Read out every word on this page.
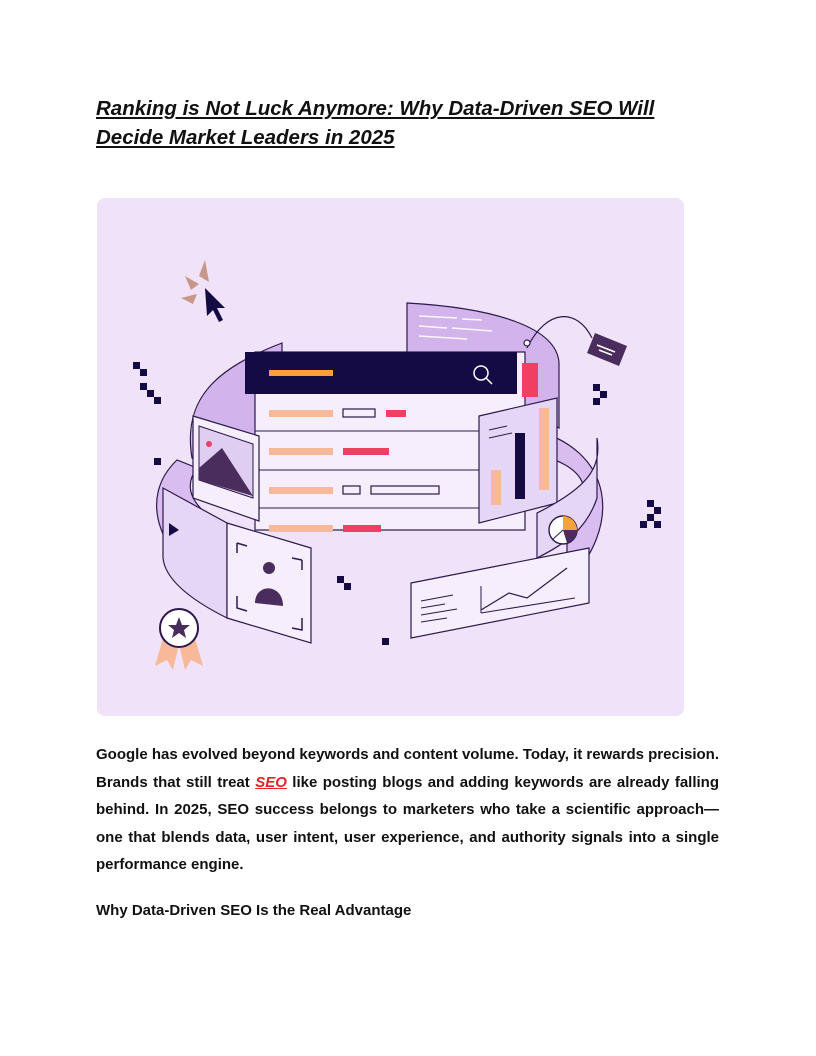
Ranking is Not Luck Anymore: Why Data-Driven SEO Will
Decide Market Leaders in 2025

Google has evolved beyond keywords and content volume. Today, it rewards precision. Brands that still treat SEO like posting blogs and adding keywords are already falling behind. In 2025, SEO success belongs to marketers who take a scientific approach—one that blends data, user intent, user experience, and authority signals into a single performance engine.

Why Data-Driven SEO Is the Real Advantage
